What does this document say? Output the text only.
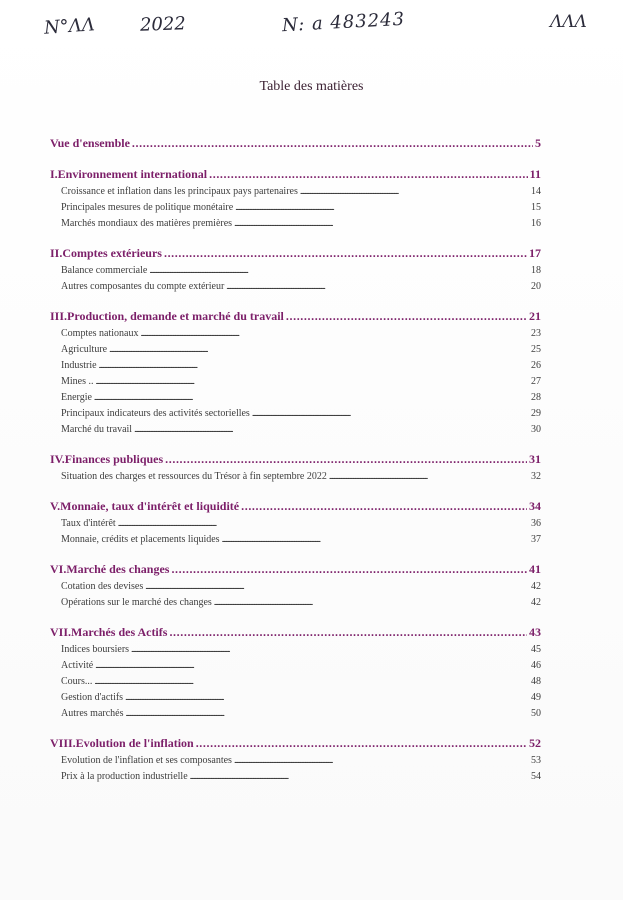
N°ΛΛ 2022	N: a 483243	ΛΛΛ
Table des matières
Vue d'ensemble . . .	5
I.Environnement international . . .	11
Croissance et inflation dans les principaux pays partenaires . . .	14
Principales mesures de politique monétaire . . .	15
Marchés mondiaux des matières premières . . .	16
II.Comptes extérieurs . . .	17
Balance commerciale . . .	18
Autres composantes du compte extérieur . . .	20
III.Production, demande et marché du travail . . .	21
Comptes nationaux . . .	23
Agriculture . . .	25
Industrie . . .	26
Mines .. . . .	27
Energie . . .	28
Principaux indicateurs des activités sectorielles . . .	29
Marché du travail . . .	30
IV.Finances publiques . . .	31
Situation des charges et ressources du Trésor à fin septembre 2022 . . .	32
V.Monnaie, taux d'intérêt et liquidité . . .	34
Taux d'intérêt . . .	36
Monnaie, crédits et placements liquides . . .	37
VI.Marché des changes . . .	41
Cotation des devises . . .	42
Opérations sur le marché des changes . . .	42
VII.Marchés des Actifs . . .	43
Indices boursiers . . .	45
Activité . . .	46
Cours... . . .	48
Gestion d'actifs . . .	49
Autres marchés . . .	50
VIII.Evolution de l'inflation . . .	52
Evolution de l'inflation et ses composantes . . .	53
Prix à la production industrielle . . .	54
